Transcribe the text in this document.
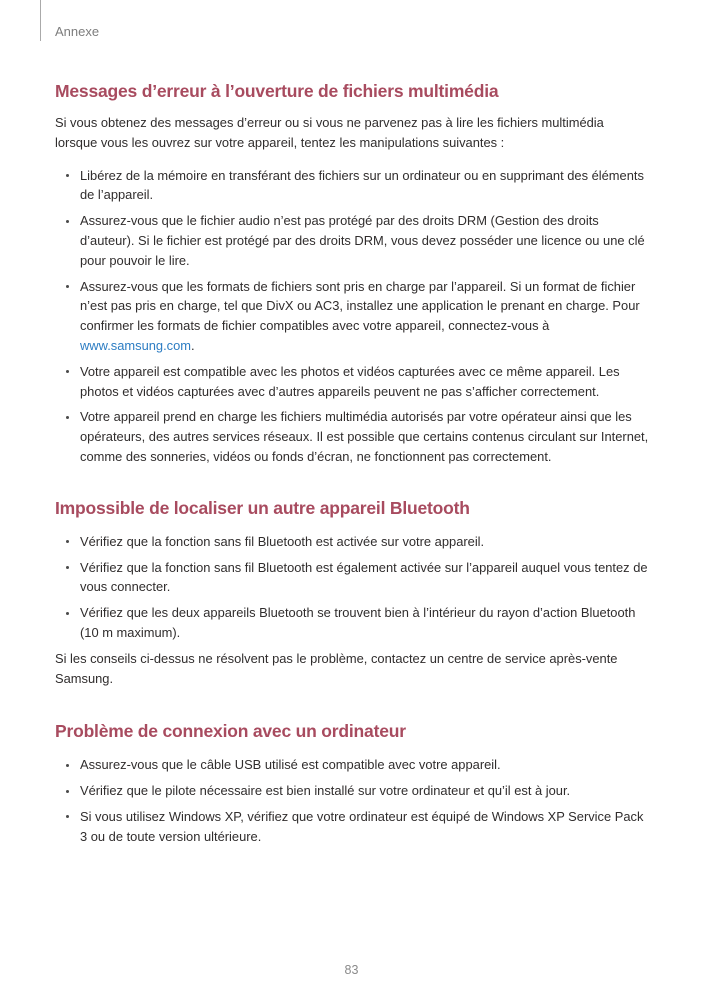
Annexe
Messages d’erreur à l’ouverture de fichiers multimédia

Si vous obtenez des messages d’erreur ou si vous ne parvenez pas à lire les fichiers multimédia lorsque vous les ouvrez sur votre appareil, tentez les manipulations suivantes :

Libérez de la mémoire en transférant des fichiers sur un ordinateur ou en supprimant des éléments de l’appareil.
Assurez-vous que le fichier audio n’est pas protégé par des droits DRM (Gestion des droits d’auteur). Si le fichier est protégé par des droits DRM, vous devez posséder une licence ou une clé pour pouvoir le lire.
Assurez-vous que les formats de fichiers sont pris en charge par l’appareil. Si un format de fichier n’est pas pris en charge, tel que DivX ou AC3, installez une application le prenant en charge. Pour confirmer les formats de fichier compatibles avec votre appareil, connectez-vous à www.samsung.com.
Votre appareil est compatible avec les photos et vidéos capturées avec ce même appareil. Les photos et vidéos capturées avec d’autres appareils peuvent ne pas s’afficher correctement.
Votre appareil prend en charge les fichiers multimédia autorisés par votre opérateur ainsi que les opérateurs, des autres services réseaux. Il est possible que certains contenus circulant sur Internet, comme des sonneries, vidéos ou fonds d’écran, ne fonctionnent pas correctement.
Impossible de localiser un autre appareil Bluetooth
Vérifiez que la fonction sans fil Bluetooth est activée sur votre appareil.
Vérifiez que la fonction sans fil Bluetooth est également activée sur l’appareil auquel vous tentez de vous connecter.
Vérifiez que les deux appareils Bluetooth se trouvent bien à l’intérieur du rayon d’action Bluetooth (10 m maximum).

Si les conseils ci-dessus ne résolvent pas le problème, contactez un centre de service après-vente Samsung.

Problème de connexion avec un ordinateur
Assurez-vous que le câble USB utilisé est compatible avec votre appareil.
Vérifiez que le pilote nécessaire est bien installé sur votre ordinateur et qu’il est à jour.
Si vous utilisez Windows XP, vérifiez que votre ordinateur est équipé de Windows XP Service Pack 3 ou de toute version ultérieure.
83
